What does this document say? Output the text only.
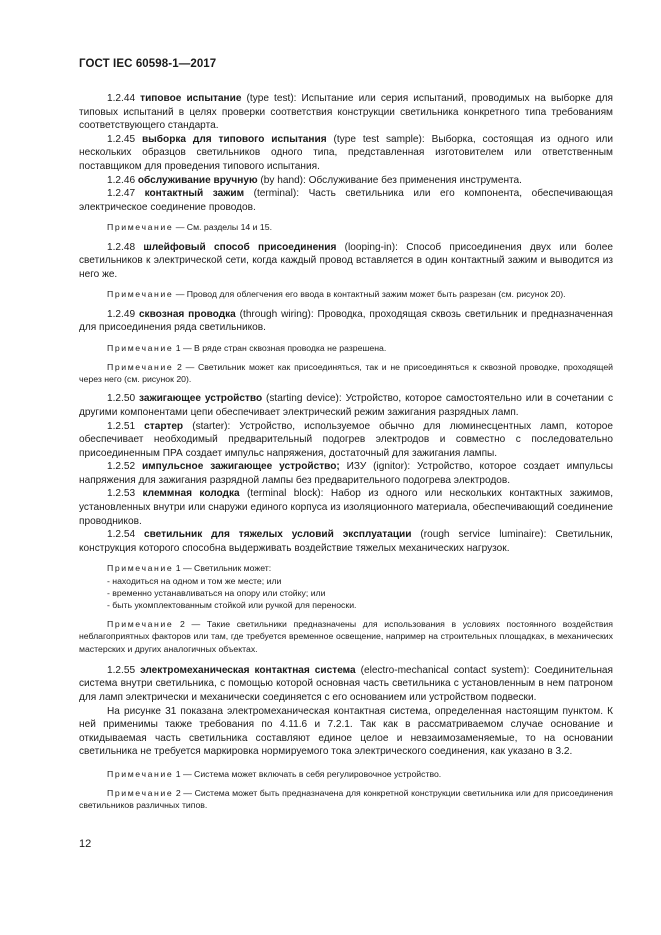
ГОСТ IEC 60598-1—2017

1.2.44 типовое испытание (type test): Испытание или серия испытаний, проводимых на выборке для типовых испытаний в целях проверки соответствия конструкции светильника конкретного типа требованиям соответствующего стандарта.

1.2.45 выборка для типового испытания (type test sample): Выборка, состоящая из одного или нескольких образцов светильников одного типа, представленная изготовителем или ответственным поставщиком для проведения типового испытания.

1.2.46 обслуживание вручную (by hand): Обслуживание без применения инструмента.

1.2.47 контактный зажим (terminal): Часть светильника или его компонента, обеспечивающая электрическое соединение проводов.

Примечание — См. разделы 14 и 15.

1.2.48 шлейфовый способ присоединения (looping-in): Способ присоединения двух или более светильников к электрической сети, когда каждый провод вставляется в один контактный зажим и выводится из него же.

Примечание — Провод для облегчения его ввода в контактный зажим может быть разрезан (см. рисунок 20).

1.2.49 сквозная проводка (through wiring): Проводка, проходящая сквозь светильник и предназначенная для присоединения ряда светильников.

Примечание 1 — В ряде стран сквозная проводка не разрешена.

Примечание 2 — Светильник может как присоединяться, так и не присоединяться к сквозной проводке, проходящей через него (см. рисунок 20).

1.2.50 зажигающее устройство (starting device): Устройство, которое самостоятельно или в сочетании с другими компонентами цепи обеспечивает электрический режим зажигания разрядных ламп.

1.2.51 стартер (starter): Устройство, используемое обычно для люминесцентных ламп, которое обеспечивает необходимый предварительный подогрев электродов и совместно с последовательно присоединенным ПРА создает импульс напряжения, достаточный для зажигания лампы.

1.2.52 импульсное зажигающее устройство; ИЗУ (ignitor): Устройство, которое создает импульсы напряжения для зажигания разрядной лампы без предварительного подогрева электродов.

1.2.53 клеммная колодка (terminal block): Набор из одного или нескольких контактных зажимов, установленных внутри или снаружи единого корпуса из изоляционного материала, обеспечивающий соединение проводников.

1.2.54 светильник для тяжелых условий эксплуатации (rough service luminaire): Светильник, конструкция которого способна выдерживать воздействие тяжелых механических нагрузок.

Примечание 1 — Светильник может:

- находиться на одном и том же месте; или

- временно устанавливаться на опору или стойку; или

- быть укомплектованным стойкой или ручкой для переноски.

Примечание 2 — Такие светильники предназначены для использования в условиях постоянного воздействия неблагоприятных факторов или там, где требуется временное освещение, например на строительных площадках, в механических мастерских и других аналогичных объектах.

1.2.55 электромеханическая контактная система (electro-mechanical contact system): Соединительная система внутри светильника, с помощью которой основная часть светильника с установленным в нем патроном для ламп электрически и механически соединяется с его основанием или устройством подвески.

На рисунке 31 показана электромеханическая контактная система, определенная настоящим пунктом. К ней применимы также требования по 4.11.6 и 7.2.1. Так как в рассматриваемом случае основание и откидываемая часть светильника составляют единое целое и невзаимозаменяемые, то на основании светильника не требуется маркировка нормируемого тока электрического соединения, как указано в 3.2.

Примечание 1 — Система может включать в себя регулировочное устройство.

Примечание 2 — Система может быть предназначена для конкретной конструкции светильника или для присоединения светильников различных типов.

12
